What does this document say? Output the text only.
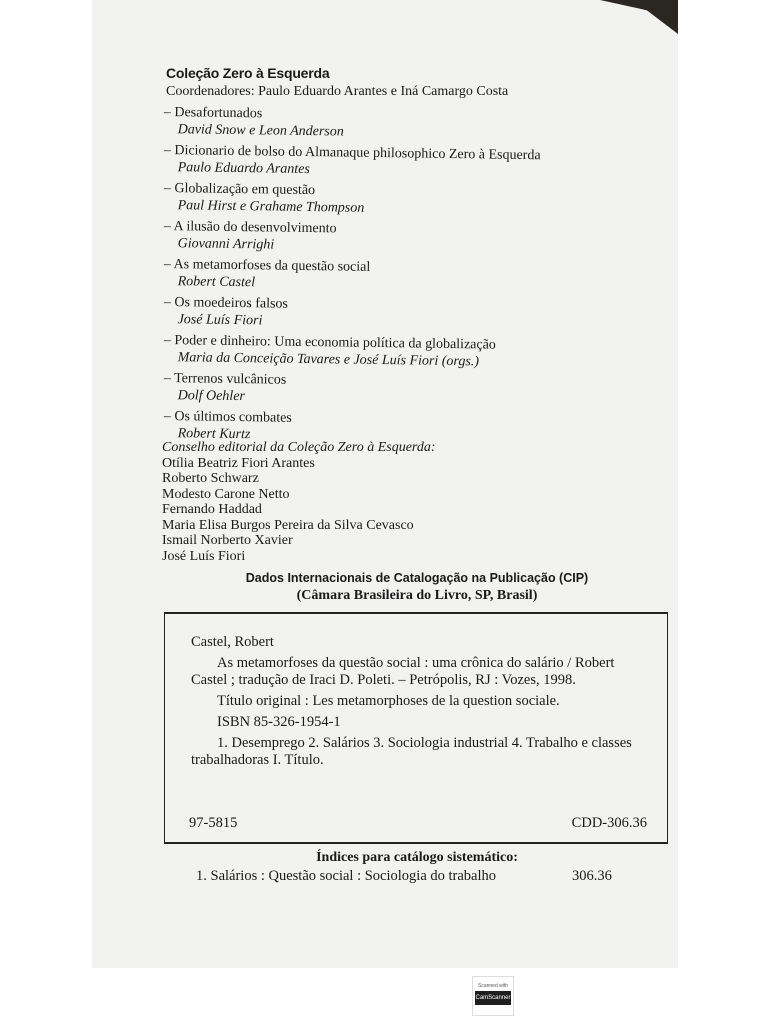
Coleção Zero à Esquerda
Coordenadores: Paulo Eduardo Arantes e Iná Camargo Costa
– Desafortunados
David Snow e Leon Anderson
– Dicionario de bolso do Almanaque philosophico Zero à Esquerda
Paulo Eduardo Arantes
– Globalização em questão
Paul Hirst e Grahame Thompson
– A ilusão do desenvolvimento
Giovanni Arrighi
– As metamorfoses da questão social
Robert Castel
– Os moedeiros falsos
José Luís Fiori
– Poder e dinheiro: Uma economia política da globalização
Maria da Conceição Tavares e José Luís Fiori (orgs.)
– Terrenos vulcânicos
Dolf Oehler
– Os últimos combates
Robert Kurtz
Conselho editorial da Coleção Zero à Esquerda:
Otília Beatriz Fiori Arantes
Roberto Schwarz
Modesto Carone Netto
Fernando Haddad
Maria Elisa Burgos Pereira da Silva Cevasco
Ismail Norberto Xavier
José Luís Fiori
Dados Internacionais de Catalogação na Publicação (CIP)
(Câmara Brasileira do Livro, SP, Brasil)

Castel, Robert

As metamorfoses da questão social : uma crônica do salário / Robert Castel ; tradução de Iraci D. Poleti. – Petrópolis, RJ : Vozes, 1998.

Título original : Les metamorphoses de la question sociale.

ISBN 85-326-1954-1

1. Desemprego 2. Salários 3. Sociologia industrial 4. Trabalho e classes trabalhadoras I. Título.

97-5815	CDD-306.36
Índices para catálogo sistemático:
1. Salários : Questão social : Sociologia do trabalho	306.36
Scanned with
CamScanner
